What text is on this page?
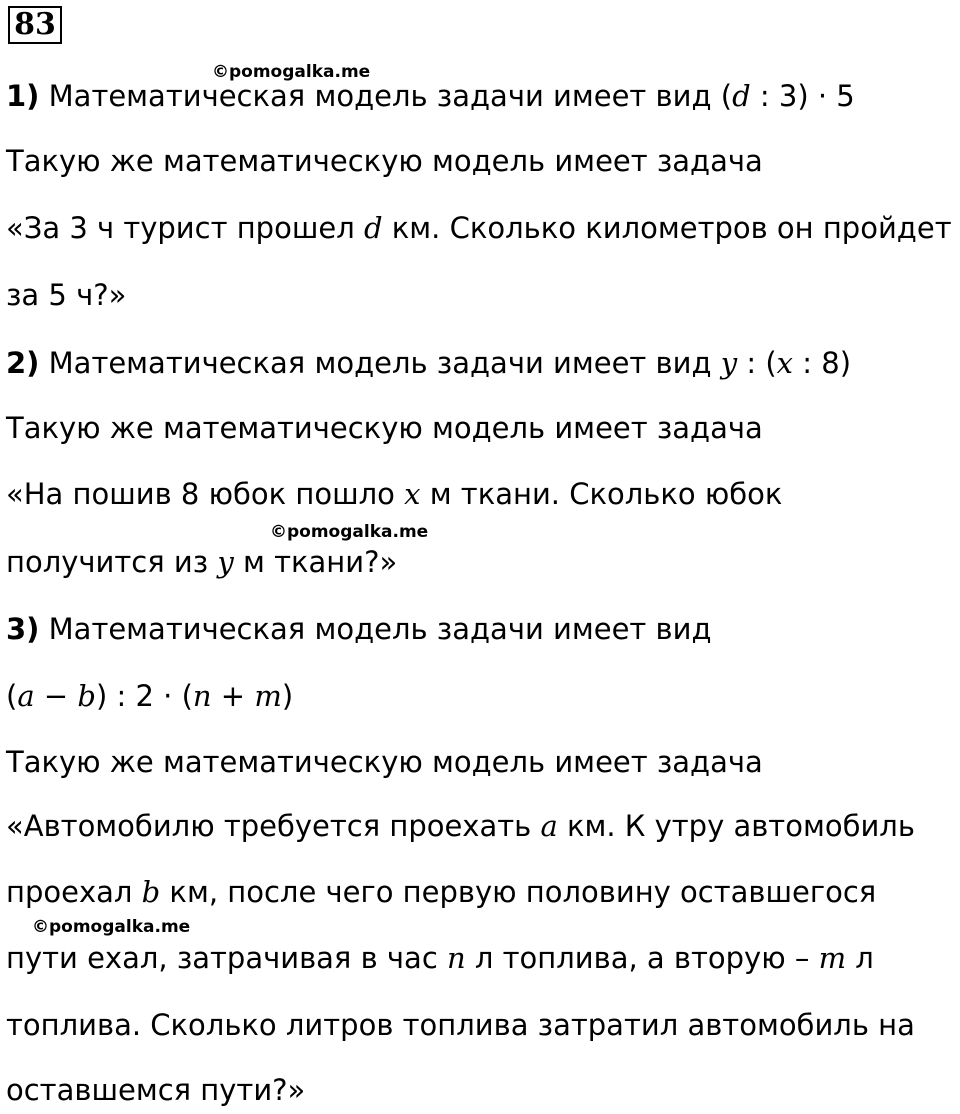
83
©pomogalka.me
©pomogalka.me
©pomogalka.me

1) Математическая модель задачи имеет вид (d : 3) · 5

Такую же математическую модель имеет задача

«За 3 ч турист прошел d км. Сколько километров он пройдет

за 5 ч?»

2) Математическая модель задачи имеет вид y : (x : 8)

Такую же математическую модель имеет задача

«На пошив 8 юбок пошло x м ткани. Сколько юбок

получится из y м ткани?»

3) Математическая модель задачи имеет вид

(a − b) : 2 · (n + m)

Такую же математическую модель имеет задача

«Автомобилю требуется проехать a км. К утру автомобиль

проехал b км, после чего первую половину оставшегося

пути ехал, затрачивая в час n л топлива, а вторую – m л

топлива. Сколько литров топлива затратил автомобиль на

оставшемся пути?»
